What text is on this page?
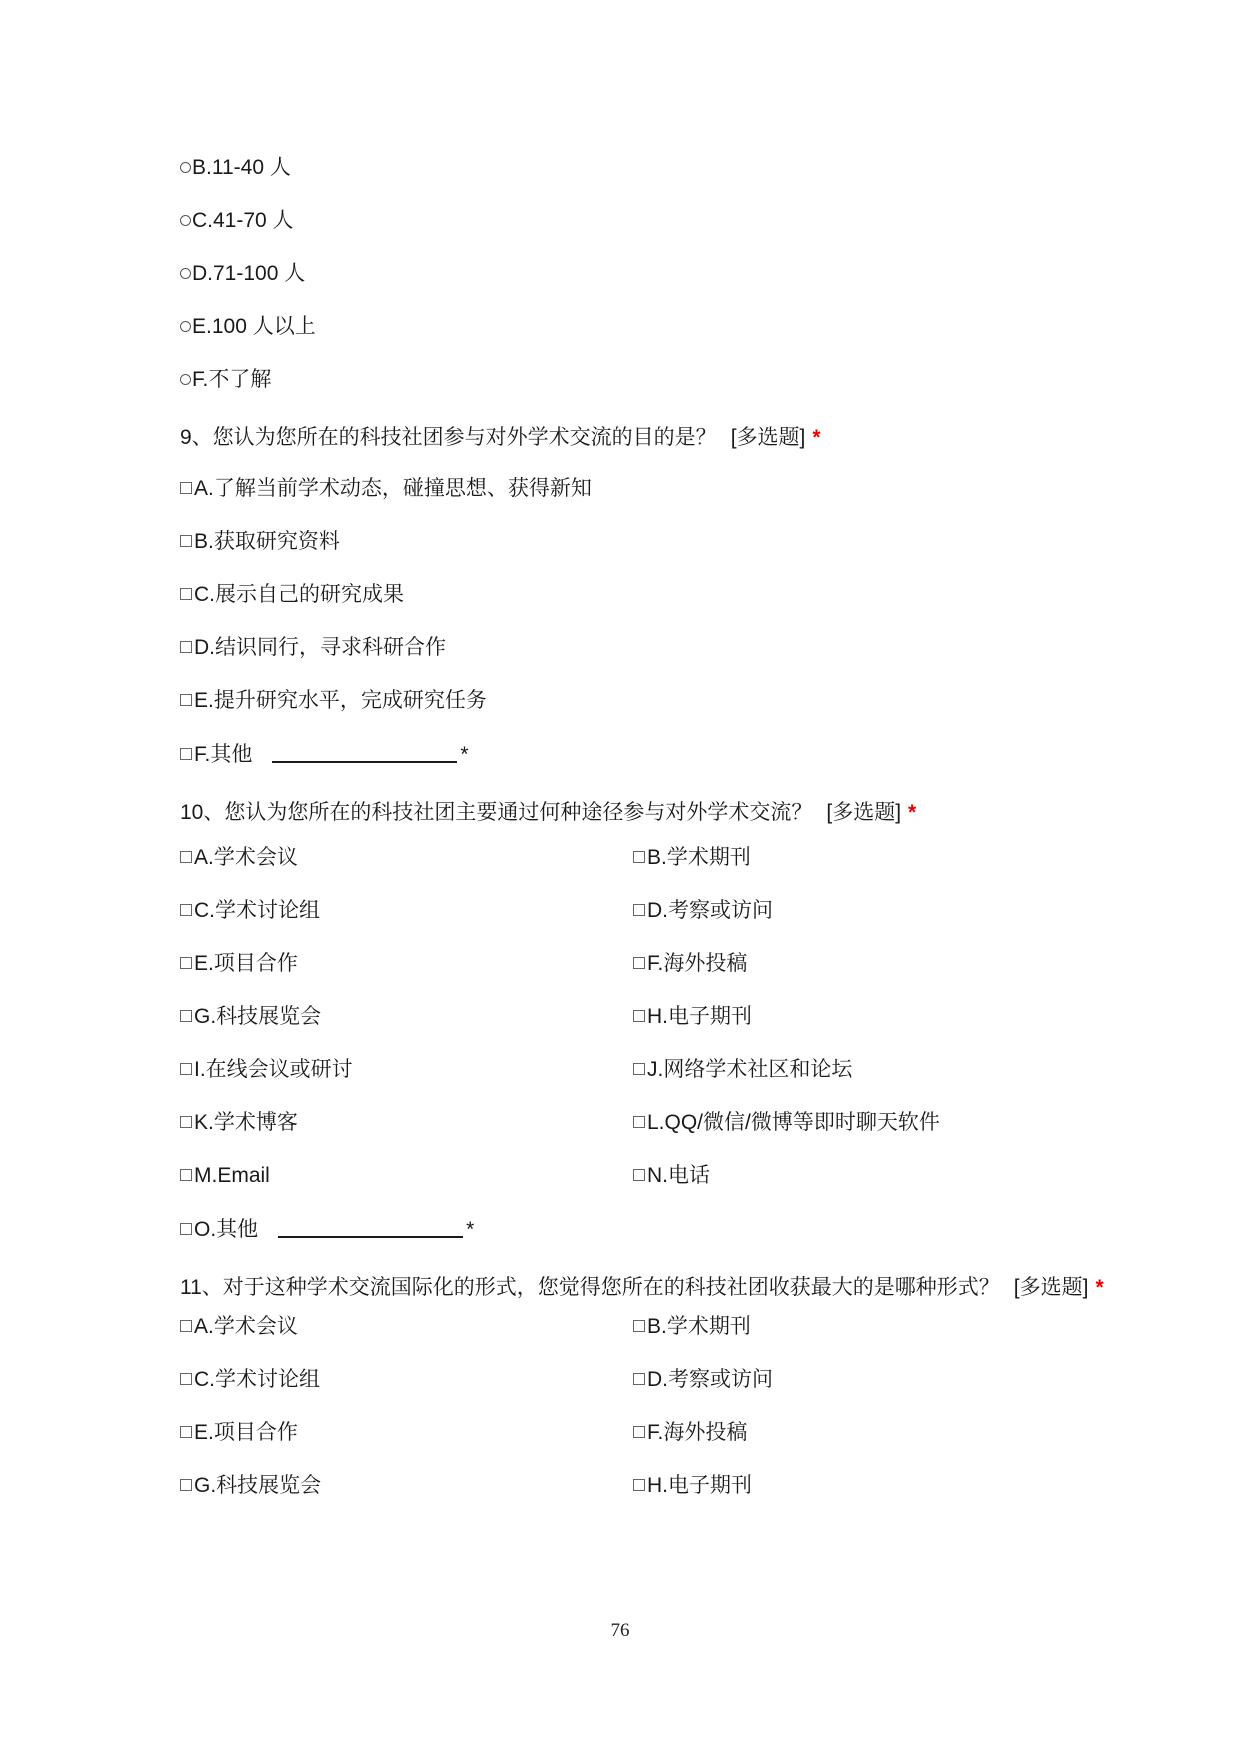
B.11-40 人
C.41-70 人
D.71-100 人
E.100 人以上
F.不了解
9、您认为您所在的科技社团参与对外学术交流的目的是？ [多选题] *
A.了解当前学术动态，碰撞思想、获得新知
B.获取研究资料
C.展示自己的研究成果
D.结识同行，寻求科研合作
E.提升研究水平，完成研究任务
F.其他	*
10、您认为您所在的科技社团主要通过何种途径参与对外学术交流？ [多选题] *
A.学术会议	B.学术期刊
C.学术讨论组	D.考察或访问
E.项目合作	F.海外投稿
G.科技展览会	H.电子期刊
I.在线会议或研讨	J.网络学术社区和论坛
K.学术博客	L.QQ/微信/微博等即时聊天软件
M.Email	N.电话
O.其他	*
11、对于这种学术交流国际化的形式，您觉得您所在的科技社团收获最大的是哪种形式？ [多选题] *
A.学术会议	B.学术期刊
C.学术讨论组	D.考察或访问
E.项目合作	F.海外投稿
G.科技展览会	H.电子期刊
76
